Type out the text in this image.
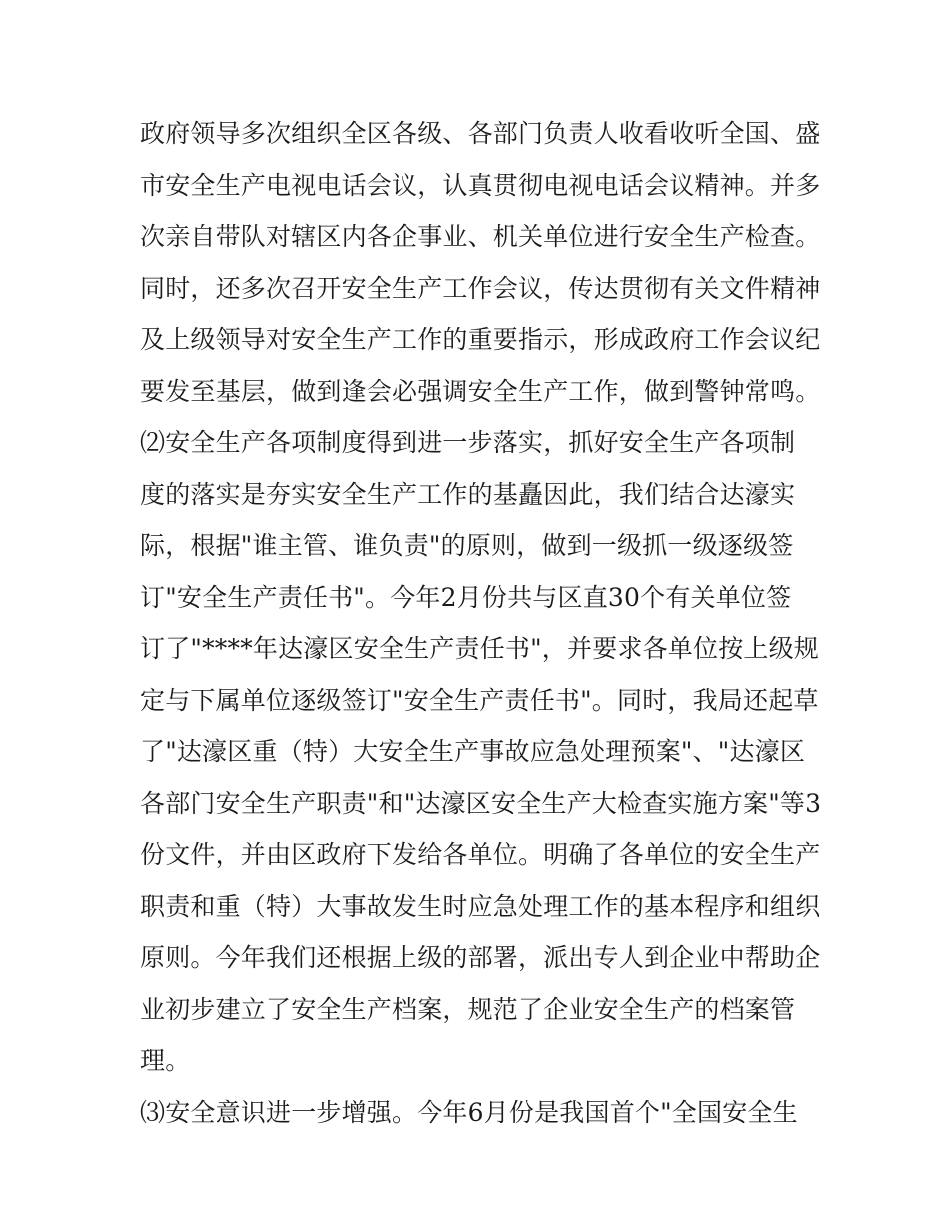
政府领导多次组织全区各级、各部门负责人收看收听全国、盛
市安全生产电视电话会议，认真贯彻电视电话会议精神。并多
次亲自带队对辖区内各企事业、机关单位进行安全生产检查。
同时，还多次召开安全生产工作会议，传达贯彻有关文件精神
及上级领导对安全生产工作的重要指示，形成政府工作会议纪
要发至基层，做到逢会必强调安全生产工作，做到警钟常鸣。
⑵安全生产各项制度得到进一步落实，抓好安全生产各项制
度的落实是夯实安全生产工作的基矗因此，我们结合达濠实
际，根据"谁主管、谁负责"的原则，做到一级抓一级逐级签
订"安全生产责任书"。今年2月份共与区直30个有关单位签
订了"****年达濠区安全生产责任书"，并要求各单位按上级规
定与下属单位逐级签订"安全生产责任书"。同时，我局还起草
了"达濠区重（特）大安全生产事故应急处理预案"、"达濠区
各部门安全生产职责"和"达濠区安全生产大检查实施方案"等3
份文件，并由区政府下发给各单位。明确了各单位的安全生产
职责和重（特）大事故发生时应急处理工作的基本程序和组织
原则。今年我们还根据上级的部署，派出专人到企业中帮助企
业初步建立了安全生产档案，规范了企业安全生产的档案管
理。
⑶安全意识进一步增强。今年6月份是我国首个"全国安全生
